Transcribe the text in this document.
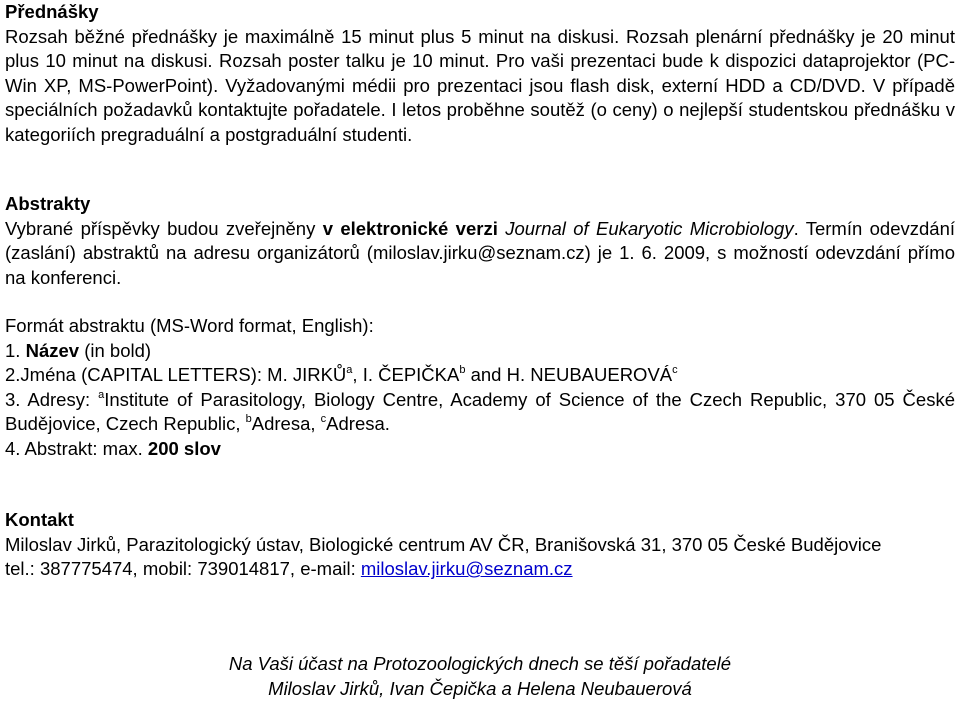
Přednášky
Rozsah běžné přednášky je maximálně 15 minut plus 5 minut na diskusi. Rozsah plenární přednášky je 20 minut plus 10 minut na diskusi. Rozsah poster talku je 10 minut. Pro vaši prezentaci bude k dispozici dataprojektor (PC-Win XP, MS-PowerPoint). Vyžadovanými médii pro prezentaci jsou flash disk, externí HDD a CD/DVD. V případě speciálních požadavků kontaktujte pořadatele. I letos proběhne soutěž (o ceny) o nejlepší studentskou přednášku v kategoriích pregraduální a postgraduální studenti.
Abstrakty
Vybrané příspěvky budou zveřejněny v elektronické verzi Journal of Eukaryotic Microbiology. Termín odevzdání (zaslání) abstraktů na adresu organizátorů (miloslav.jirku@seznam.cz) je 1. 6. 2009, s možností odevzdání přímo na konferenci.
Formát abstraktu (MS-Word format, English):
1. Název (in bold)
2.Jména (CAPITAL LETTERS): M. JIRKŮ$^a$, I. ČEPIČKA$^b$ and H. NEUBAUEROVÁ$^c$
3. Adresy: $^a$Institute of Parasitology, Biology Centre, Academy of Science of the Czech Republic, 370 05 České Budějovice, Czech Republic, $^b$Adresa, $^c$Adresa.
4. Abstrakt: max. 200 slov
Kontakt
Miloslav Jirků, Parazitologický ústav, Biologické centrum AV ČR, Branišovská 31, 370 05 České Budějovice
tel.: 387775474, mobil: 739014817, e-mail: miloslav.jirku@seznam.cz
Na Vaši účast na Protozoologických dnech se těší pořadatelé
Miloslav Jirků, Ivan Čepička a Helena Neubauerová
